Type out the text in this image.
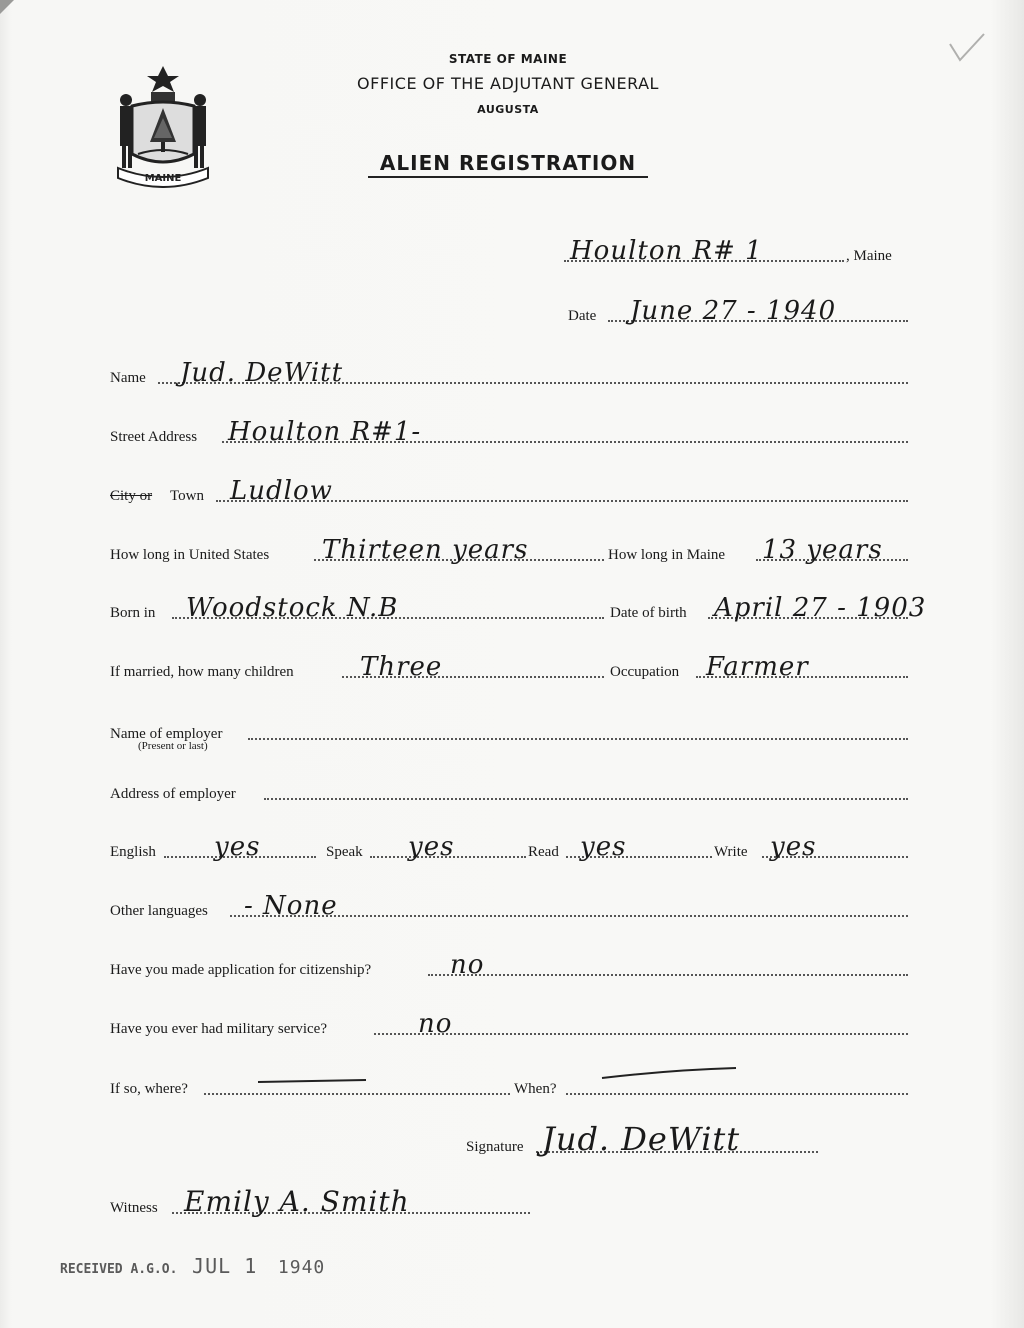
MAINE
STATE OF MAINE
OFFICE OF THE ADJUTANT GENERAL
AUGUSTA
ALIEN REGISTRATION
Houlton R# 1	, Maine
Date June 27 - 1940
Name Jud. DeWitt
Street Address Houlton R#1-
City or Town Ludlow
How long in United States Thirteen years	How long in Maine 13 years
Born in Woodstock N.B	Date of birth April 27 - 1903
If married, how many children	Three	Occupation Farmer
Name of employer
(Present or last)
Address of employer
English yes	Speak yes	Read yes	Write yes
Other languages - None
Have you made application for citizenship?	no
Have you ever had military service?	no
If so, where?	When?
Signature Jud. DeWitt
Witness Emily A. Smith
RECEIVED A.G.O. JUL 1 1940
